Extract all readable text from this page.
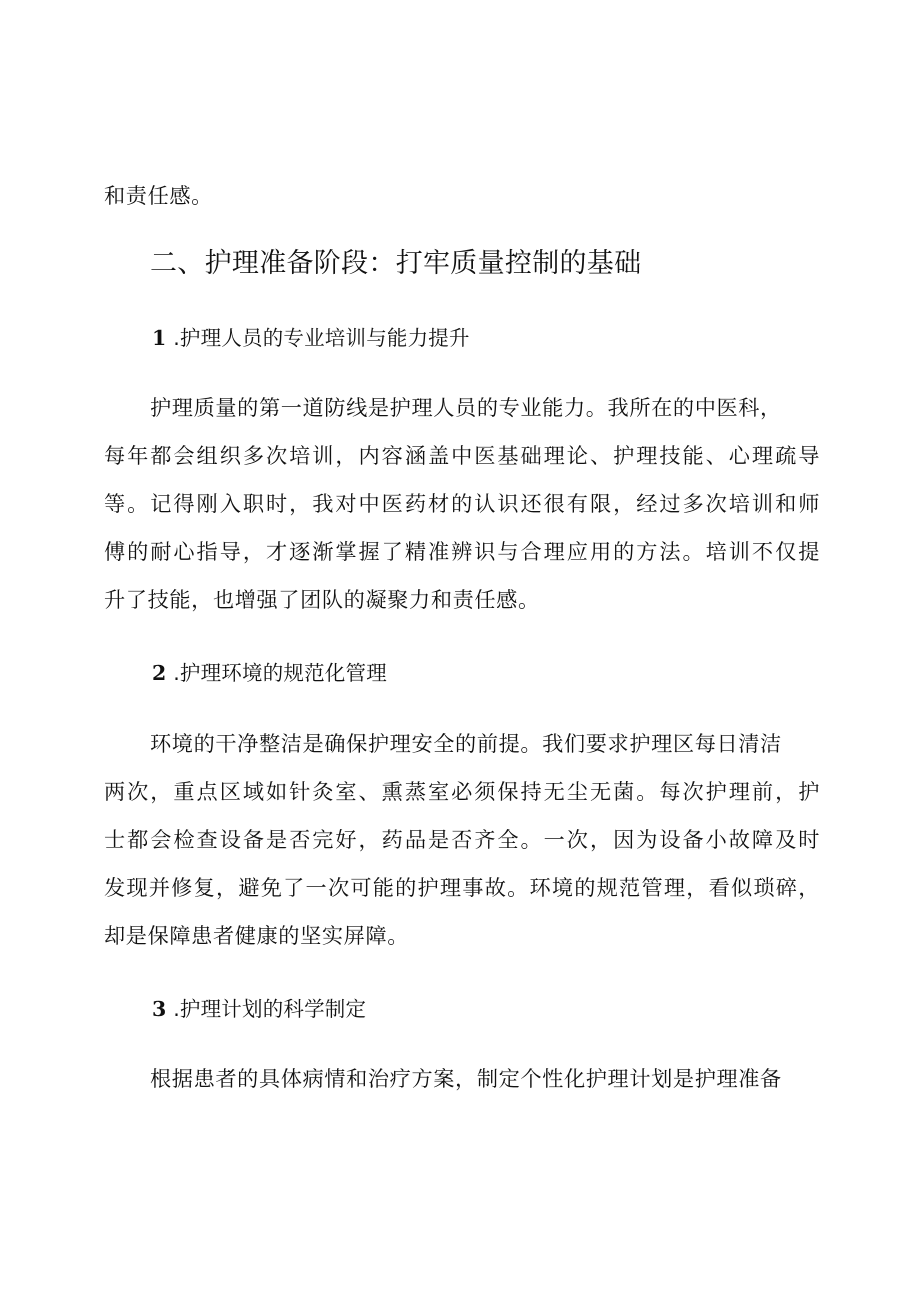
和责任感。

二、护理准备阶段：打牢质量控制的基础
1 .护理人员的专业培训与能力提升

护理质量的第一道防线是护理人员的专业能力。我所在的中医科，

每年都会组织多次培训，内容涵盖中医基础理论、护理技能、心理疏导

等。记得刚入职时，我对中医药材的认识还很有限，经过多次培训和师

傅的耐心指导，才逐渐掌握了精准辨识与合理应用的方法。培训不仅提

升了技能，也增强了团队的凝聚力和责任感。

2 .护理环境的规范化管理

环境的干净整洁是确保护理安全的前提。我们要求护理区每日清洁

两次，重点区域如针灸室、熏蒸室必须保持无尘无菌。每次护理前，护

士都会检查设备是否完好，药品是否齐全。一次，因为设备小故障及时

发现并修复，避免了一次可能的护理事故。环境的规范管理，看似琐碎，

却是保障患者健康的坚实屏障。

3 .护理计划的科学制定

根据患者的具体病情和治疗方案，制定个性化护理计划是护理准备
